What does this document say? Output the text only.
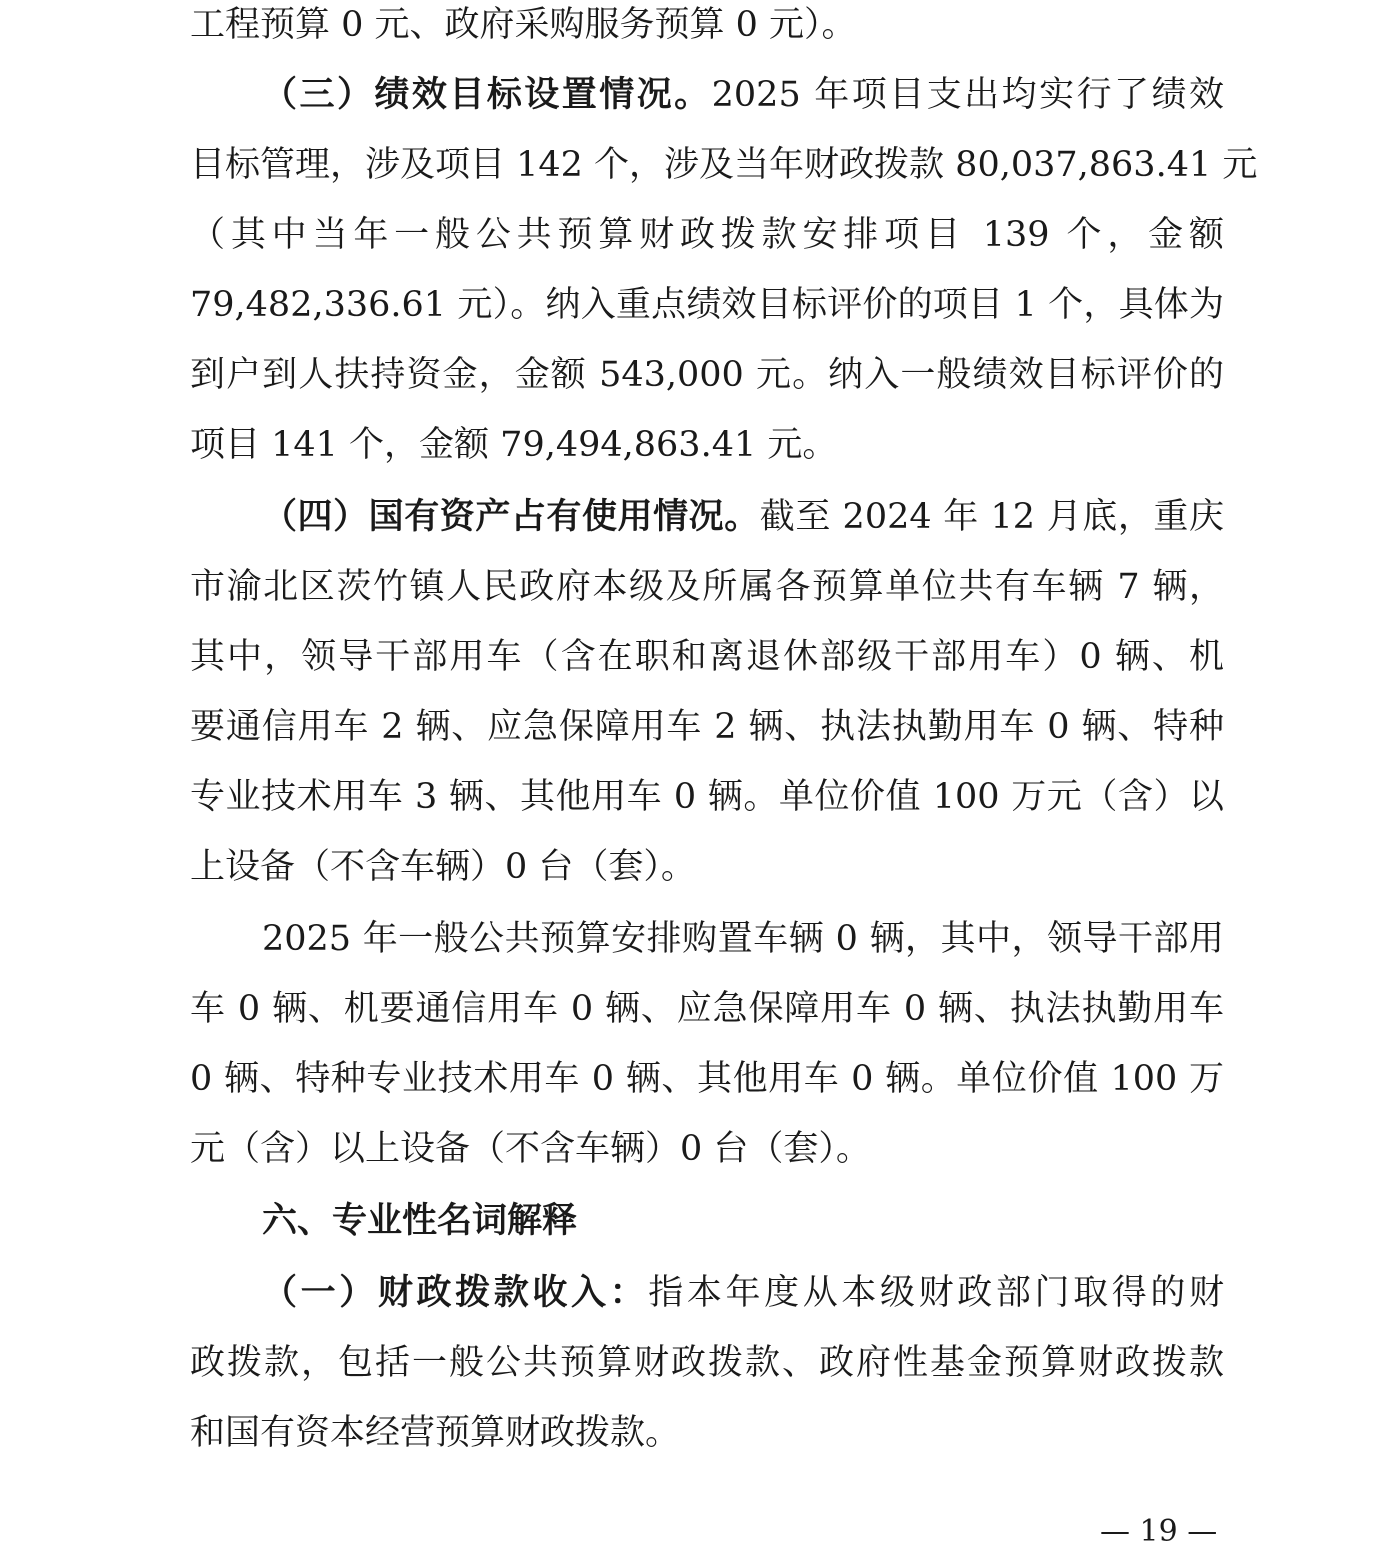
工程预算 0 元、政府采购服务预算 0 元）。
（三）绩效目标设置情况。2025 年项目支出均实行了绩效
目标管理，涉及项目 142 个，涉及当年财政拨款 80,037,863.41 元
（其中当年一般公共预算财政拨款安排项目 139 个，金额
79,482,336.61 元）。纳入重点绩效目标评价的项目 1 个，具体为
到户到人扶持资金，金额 543,000 元。纳入一般绩效目标评价的
项目 141 个，金额 79,494,863.41 元。
（四）国有资产占有使用情况。截至 2024 年 12 月底，重庆
市渝北区茨竹镇人民政府本级及所属各预算单位共有车辆 7 辆，
其中，领导干部用车（含在职和离退休部级干部用车）0 辆、机
要通信用车 2 辆、应急保障用车 2 辆、执法执勤用车 0 辆、特种
专业技术用车 3 辆、其他用车 0 辆。单位价值 100 万元（含）以
上设备（不含车辆）0 台（套）。
2025 年一般公共预算安排购置车辆 0 辆，其中，领导干部用
车 0 辆、机要通信用车 0 辆、应急保障用车 0 辆、执法执勤用车
0 辆、特种专业技术用车 0 辆、其他用车 0 辆。单位价值 100 万
元（含）以上设备（不含车辆）0 台（套）。
六、专业性名词解释
（一）财政拨款收入：指本年度从本级财政部门取得的财
政拨款，包括一般公共预算财政拨款、政府性基金预算财政拨款
和国有资本经营预算财政拨款。
— 19 —
